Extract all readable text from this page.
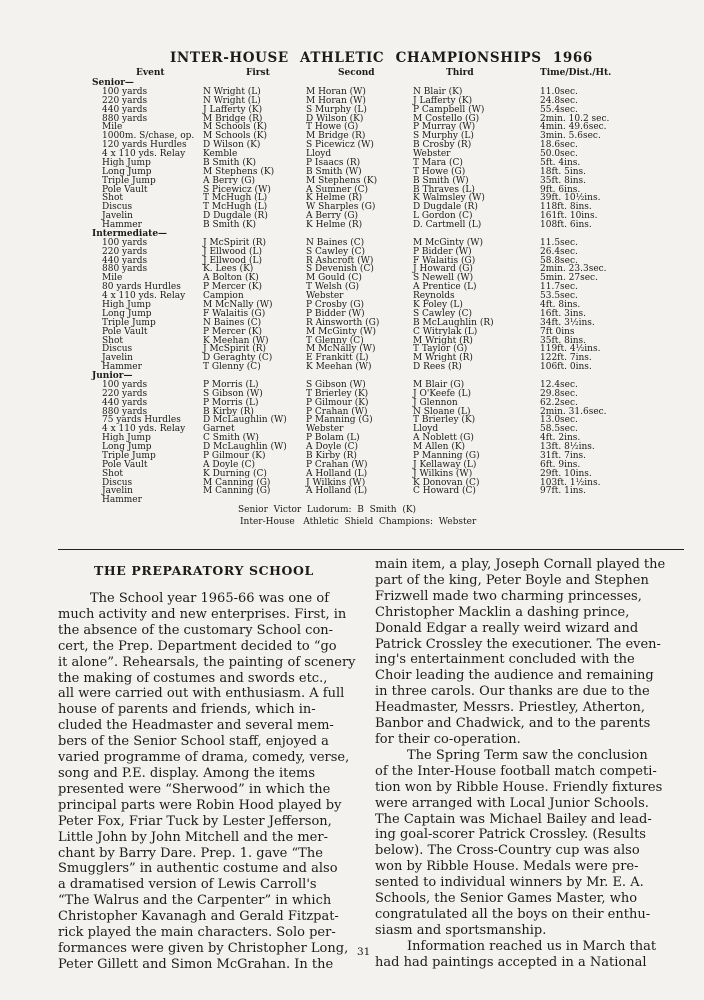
INTER-HOUSE ATHLETIC CHAMPIONSHIPS 1966
Event	First	Second	Third	Time/Dist./Ht.
Senior—
100 yards	N Wright (L)	M Horan (W)	N Blair (K)	11.0sec.
220 yards	N Wright (L)	M Horan (W)	J Lafferty (K)	24.8sec.
440 yards	J Lafferty (K)	S Murphy (L)	P Campbell (W)	55.4sec.
880 yards	M Bridge (R)	D Wilson (K)	M Costello (G)	2min. 10.2 sec.
Mile	M Schools (K)	T Howe (G)	P Murray (W)	4min. 49.6sec.
1000m. S/chase, op. M Schools (K)	M Bridge (R)	S Murphy (L)	3min. 5.6sec.
120 yards Hurdles D Wilson (K)	S Picewicz (W)	B Crosby (R)	18.6sec.
4 x 110 yds. Relay Kemble	Lloyd	Webster	50.0sec.
High Jump	B Smith (K)	P Isaacs (R)	T Mara (C)	5ft. 4ins.
Long Jump	M Stephens (K)	B Smith (W)	T Howe (G)	18ft. 5ins.
Triple Jump	A Berry (G)	M Stephens (K)	B Smith (W)	35ft. 8ins.
Pole Vault	S Picewicz (W)	A Sumner (C)	B Thraves (L)	9ft. 6ins.
Shot	T McHugh (L)	K Helme (R)	K Walmsley (W)	39ft. 10½ins.
Discus	T McHugh (L)	W Sharples (G)	D Dugdale (R)	118ft. 8ins.
Javelin	D Dugdale (R)	A Berry (G)	L Gordon (C)	161ft. 10ins.
Hammer	B Smith (K)	K Helme (R)	D. Cartmell (L)	108ft. 6ins.
Intermediate—
100 yards	J McSpirit (R)	N Baines (C)	M McGinty (W)	11.5sec.
220 yards	J Ellwood (L)	S Cawley (C)	P Bidder (W)	26.4sec.
440 yards	J Ellwood (L)	R Ashcroft (W)	F Walaitis (G)	58.8sec.
880 yards	K. Lees (K)	S Devenish (C)	J Howard (G)	2min. 23.3sec.
Mile	A Bolton (K)	M Gould (C)	S Newell (W)	5min. 27sec.
80 yards Hurdles P Mercer (K)	T Welsh (G)	A Prentice (L)	11.7sec.
4 x 110 yds. Relay Campion	Webster	Reynolds	53.5sec.
High Jump	M McNally (W)	P Crosby (G)	K Foley (L)	4ft. 8ins.
Long Jump	F Walaitis (G)	P Bidder (W)	S Cawley (C)	16ft. 3ins.
Triple Jump	N Baines (C)	R Ainsworth (G)	B McLaughlin (R)	34ft. 3½ins.
Pole Vault	P Mercer (K)	M McGinty (W)	C Witrylak (L)	7ft 0ins
Shot	K Meehan (W)	T Glenny (C)	M Wright (R)	35ft. 8ins.
Discus	J McSpirit (R)	M McNally (W)	T Taylor (G)	119ft. 4½ins.
Javelin	D Geraghty (C)	E Frankitt (L)	M Wright (R)	122ft. 7ins.
Hammer	T Glenny (C)	K Meehan (W)	D Rees (R)	106ft. 0ins.
Junior—
100 yards	P Morris (L)	S Gibson (W)	M Blair (G)	12.4sec.
220 yards	S Gibson (W)	T Brierley (K)	J O'Keefe (L)	29.8sec.
440 yards	P Morris (L)	P Gilmour (K)	J Glennon	62.2sec.
880 yards	B Kirby (R)	P Crahan (W)	N Sloane (L)	2min. 31.6sec.
75 yards Hurdles D McLaughlin (W) P Manning (G)	T Brierley (K)	13.0sec.
4 x 110 yds. Relay Garnet	Webster	Lloyd	58.5sec.
High Jump	C Smith (W)	P Bolam (L)	A Noblett (G)	4ft. 2ins.
Long Jump	D McLaughlin (W) A Doyle (C)	M Allen (K)	13ft. 8½ins.
Triple Jump	P Gilmour (K)	B Kirby (R)	P Manning (G)	31ft. 7ins.
Pole Vault	A Doyle (C)	P Crahan (W)	J Kellaway (L)	6ft. 9ins.
Shot	K Durning (C)	A Holland (L)	J Wilkins (W)	29ft. 10ins.
Discus	M Canning (G)	J Wilkins (W)	K Donovan (C)	103ft. 1½ins.
Javelin	M Canning (G)	A Holland (L)	C Howard (C)	97ft. 1ins.
Hammer
Senior  Victor  Ludorum:  B  Smith  (K)
Inter-House   Athletic  Shield  Champions:  Webster
THE PREPARATORY SCHOOL
The School year 1965-66 was one of
much activity and new enterprises. First, in
the absence of the customary School con-
cert, the Prep. Department decided to “go
it alone”. Rehearsals, the painting of scenery
the making of costumes and swords etc.,
all were carried out with enthusiasm. A full
house of parents and friends, which in-
cluded the Headmaster and several mem-
bers of the Senior School staff, enjoyed a
varied programme of drama, comedy, verse,
song and P.E. display. Among the items
presented were “Sherwood” in which the
principal parts were Robin Hood played by
Peter Fox, Friar Tuck by Lester Jefferson,
Little John by John Mitchell and the mer-
chant by Barry Dare. Prep. 1. gave “The
Smugglers” in authentic costume and also
a dramatised version of Lewis Carroll's
“The Walrus and the Carpenter” in which
Christopher Kavanagh and Gerald Fitzpat-
rick played the main characters. Solo per-
formances were given by Christopher Long,
Peter Gillett and Simon McGrahan. In the
main item, a play, Joseph Cornall played the
part of the king, Peter Boyle and Stephen
Frizwell made two charming princesses,
Christopher Macklin a dashing prince,
Donald Edgar a really weird wizard and
Patrick Crossley the executioner. The even-
ing's entertainment concluded with the
Choir leading the audience and remaining
in three carols. Our thanks are due to the
Headmaster, Messrs. Priestley, Atherton,
Banbor and Chadwick, and to the parents
for their co-operation.
The Spring Term saw the conclusion
of the Inter-House football match competi-
tion won by Ribble House. Friendly fixtures
were arranged with Local Junior Schools.
The Captain was Michael Bailey and lead-
ing goal-scorer Patrick Crossley. (Results
below). The Cross-Country cup was also
won by Ribble House. Medals were pre-
sented to individual winners by Mr. E. A.
Schools, the Senior Games Master, who
congratulated all the boys on their enthu-
siasm and sportsmanship.
Information reached us in March that
had had paintings accepted in a National
31
